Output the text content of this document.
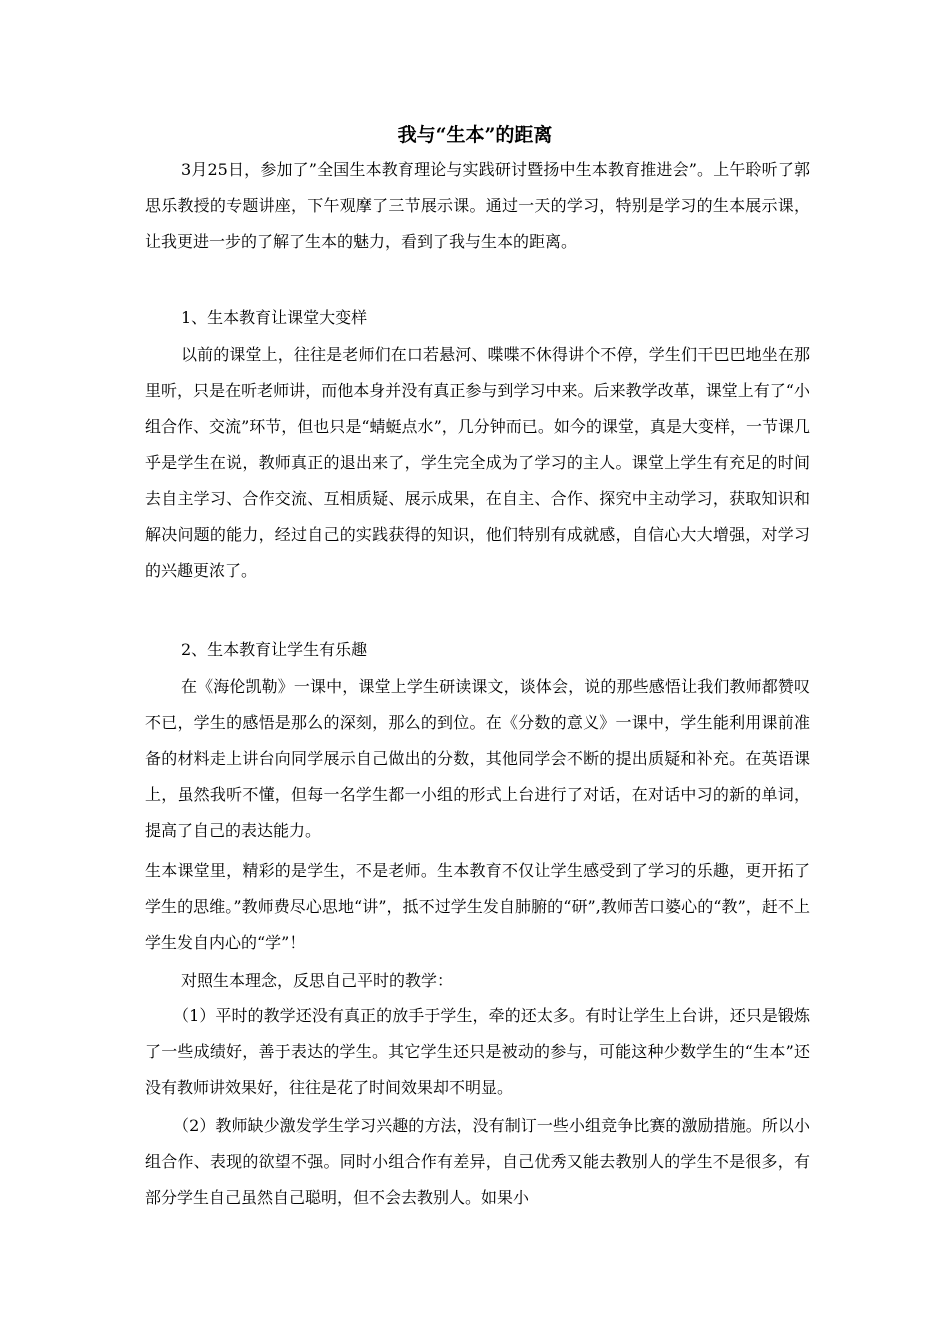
我与“生本”的距离

3月25日，参加了”全国生本教育理论与实践研讨暨扬中生本教育推进会”。上午聆听了郭思乐教授的专题讲座，下午观摩了三节展示课。通过一天的学习，特别是学习的生本展示课，让我更进一步的了解了生本的魅力，看到了我与生本的距离。

1、生本教育让课堂大变样

以前的课堂上，往往是老师们在口若悬河、喋喋不休得讲个不停，学生们干巴巴地坐在那里听，只是在听老师讲，而他本身并没有真正参与到学习中来。后来教学改革，课堂上有了“小组合作、交流”环节，但也只是“蜻蜓点水”，几分钟而已。如今的课堂，真是大变样，一节课几乎是学生在说，教师真正的退出来了，学生完全成为了学习的主人。课堂上学生有充足的时间去自主学习、合作交流、互相质疑、展示成果，在自主、合作、探究中主动学习，获取知识和解决问题的能力，经过自己的实践获得的知识，他们特别有成就感，自信心大大增强，对学习的兴趣更浓了。

2、生本教育让学生有乐趣

在《海伦凯勒》一课中，课堂上学生研读课文，谈体会，说的那些感悟让我们教师都赞叹不已，学生的感悟是那么的深刻，那么的到位。在《分数的意义》一课中，学生能利用课前准备的材料走上讲台向同学展示自己做出的分数，其他同学会不断的提出质疑和补充。在英语课上，虽然我听不懂，但每一名学生都一小组的形式上台进行了对话，在对话中习的新的单词，提高了自己的表达能力。

生本课堂里，精彩的是学生，不是老师。生本教育不仅让学生感受到了学习的乐趣，更开拓了学生的思维。”教师费尽心思地“讲”，抵不过学生发自肺腑的“研”,教师苦口婆心的“教”，赶不上学生发自内心的“学”！

对照生本理念，反思自己平时的教学：

（1）平时的教学还没有真正的放手于学生，牵的还太多。有时让学生上台讲，还只是锻炼了一些成绩好，善于表达的学生。其它学生还只是被动的参与，可能这种少数学生的“生本”还没有教师讲效果好，往往是花了时间效果却不明显。

（2）教师缺少激发学生学习兴趣的方法，没有制订一些小组竞争比赛的激励措施。所以小组合作、表现的欲望不强。同时小组合作有差异，自己优秀又能去教别人的学生不是很多，有部分学生自己虽然自己聪明，但不会去教别人。如果小
